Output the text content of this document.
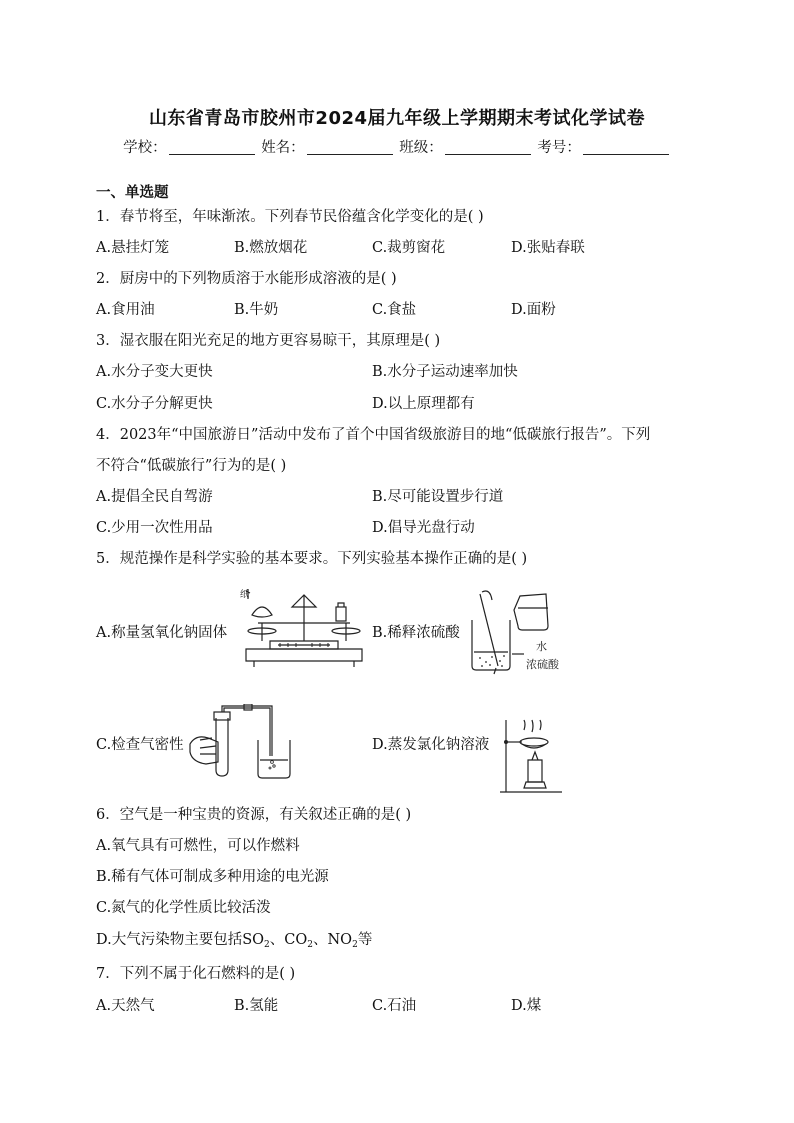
山东省青岛市胶州市2024届九年级上学期期末考试化学试卷
学校：	姓名：	班级：	考号：
一、单选题
1．春节将至，年味渐浓。下列春节民俗蕴含化学变化的是( )
A.悬挂灯笼	B.燃放烟花	C.裁剪窗花	D.张贴春联
2．厨房中的下列物质溶于水能形成溶液的是( )
A.食用油	B.牛奶	C.食盐	D.面粉
3．湿衣服在阳光充足的地方更容易晾干，其原理是( )
A.水分子变大更快	B.水分子运动速率加快
C.水分子分解更快	D.以上原理都有
4．2023年“中国旅游日”活动中发布了首个中国省级旅游目的地“低碳旅行报告”。下列
不符合“低碳旅行”行为的是( )
A.提倡全民自驾游	B.尽可能设置步行道
C.少用一次性用品	D.倡导光盘行动
5．规范操作是科学实验的基本要求。下列实验基本操作正确的是( )
A.称量氢氧化钠固体	B.稀释浓硫酸
C.检查气密性	D.蒸发氯化钠溶液
纸
水
浓硫酸
6．空气是一种宝贵的资源，有关叙述正确的是( )
A.氧气具有可燃性，可以作燃料
B.稀有气体可制成多种用途的电光源
C.氮气的化学性质比较活泼
D.大气污染物主要包括$SO_2$、$CO_2$、$NO_2$等
7．下列不属于化石燃料的是( )
A.天然气	B.氢能	C.石油	D.煤
